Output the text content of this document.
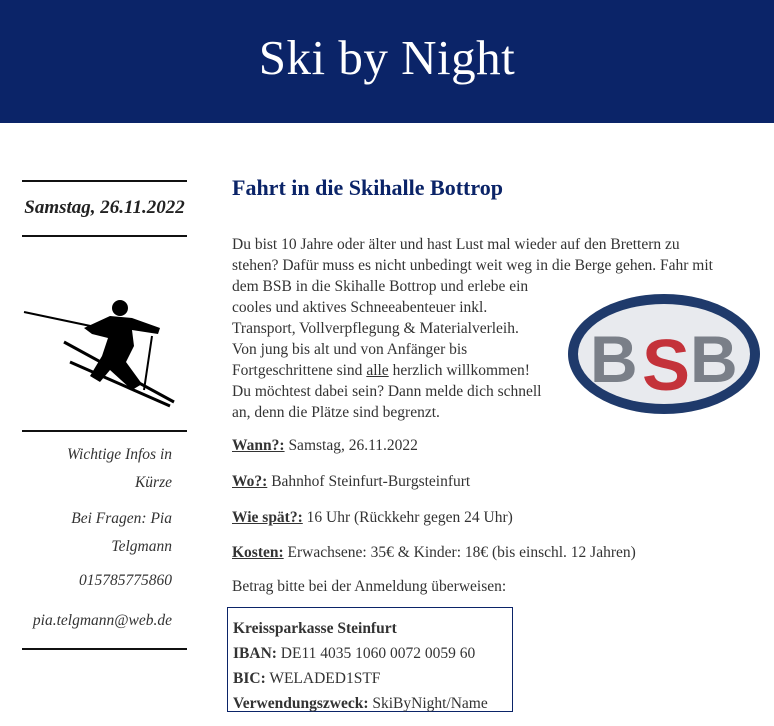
Ski by Night
Samstag, 26.11.2022
Wichtige Infos in
Kürze
Bei Fragen: Pia
Telgmann
015785775860
pia.telgmann@web.de
Fahrt in die Skihalle Bottrop

Du bist 10 Jahre oder älter und hast Lust mal wieder auf den Brettern zu
stehen? Dafür muss es nicht unbedingt weit weg in die Berge gehen. Fahr mit
dem BSB in die Skihalle Bottrop und erlebe ein
cooles und aktives Schneeabenteuer inkl.
Transport, Vollverpflegung & Materialverleih.
Von jung bis alt und von Anfänger bis
Fortgeschrittene sind alle herzlich willkommen!
Du möchtest dabei sein? Dann melde dich schnell
an, denn die Plätze sind begrenzt.

B S B
Wann?: Samstag, 26.11.2022
Wo?: Bahnhof Steinfurt-Burgsteinfurt
Wie spät?: 16 Uhr (Rückkehr gegen 24 Uhr)
Kosten: Erwachsene: 35€ & Kinder: 18€ (bis einschl. 12 Jahren)
Betrag bitte bei der Anmeldung überweisen:
Kreissparkasse Steinfurt
IBAN: DE11 4035 1060 0072 0059 60
BIC: WELADED1STF
Verwendungszweck: SkiByNight/Name
